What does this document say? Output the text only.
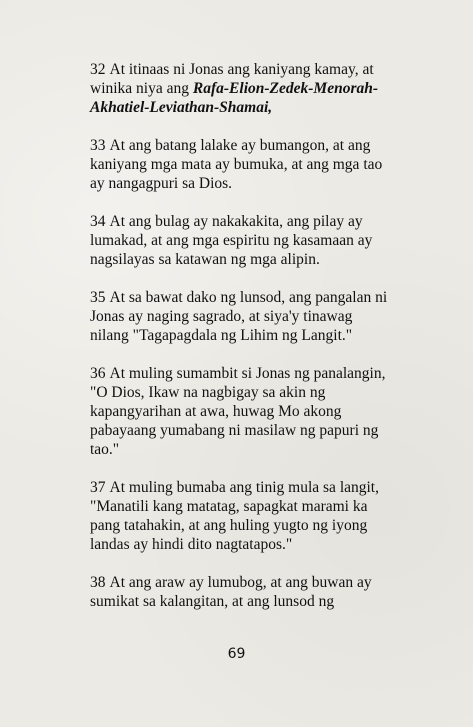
32 At itinaas ni Jonas ang kaniyang kamay, at winika niya ang Rafa-Elion-Zedek-Menorah-Akhatiel-Leviathan-Shamai,

33 At ang batang lalake ay bumangon, at ang kaniyang mga mata ay bumuka, at ang mga tao ay nangagpuri sa Dios.

34 At ang bulag ay nakakakita, ang pilay ay lumakad, at ang mga espiritu ng kasamaan ay nagsilayas sa katawan ng mga alipin.

35 At sa bawat dako ng lunsod, ang pangalan ni Jonas ay naging sagrado, at siya'y tinawag nilang "Tagapagdala ng Lihim ng Langit."

36 At muling sumambit si Jonas ng panalangin, "O Dios, Ikaw na nagbigay sa akin ng kapangyarihan at awa, huwag Mo akong pabayaang yumabang ni masilaw ng papuri ng tao."

37 At muling bumaba ang tinig mula sa langit, "Manatili kang matatag, sapagkat marami ka pang tatahakin, at ang huling yugto ng iyong landas ay hindi dito nagtatapos."

38 At ang araw ay lumubog, at ang buwan ay sumikat sa kalangitan, at ang lunsod ng

69
